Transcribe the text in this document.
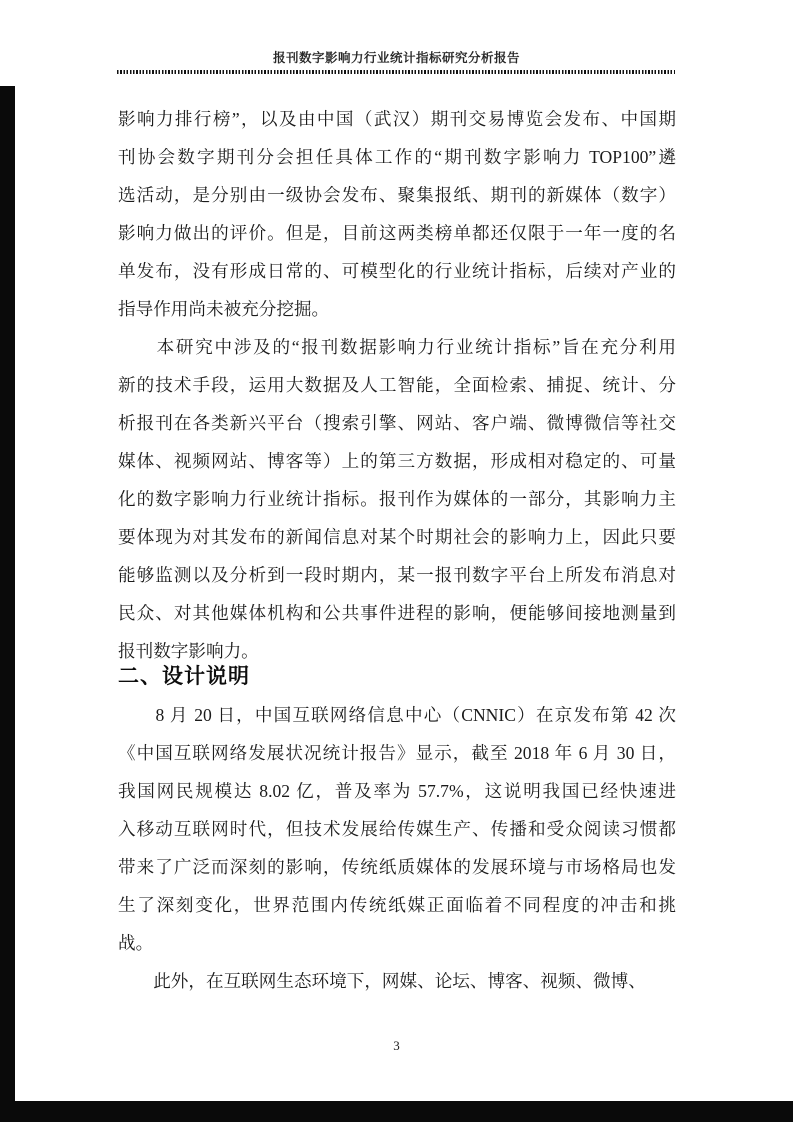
报刊数字影响力行业统计指标研究分析报告
影响力排行榜”，以及由中国（武汉）期刊交易博览会发布、中国期
刊协会数字期刊分会担任具体工作的“期刊数字影响力 TOP100”遴
选活动，是分别由一级协会发布、聚集报纸、期刊的新媒体（数字）
影响力做出的评价。但是，目前这两类榜单都还仅限于一年一度的名
单发布，没有形成日常的、可模型化的行业统计指标，后续对产业的
指导作用尚未被充分挖掘。
　　本研究中涉及的“报刊数据影响力行业统计指标”旨在充分利用
新的技术手段，运用大数据及人工智能，全面检索、捕捉、统计、分
析报刊在各类新兴平台（搜索引擎、网站、客户端、微博微信等社交
媒体、视频网站、博客等）上的第三方数据，形成相对稳定的、可量
化的数字影响力行业统计指标。报刊作为媒体的一部分，其影响力主
要体现为对其发布的新闻信息对某个时期社会的影响力上，因此只要
能够监测以及分析到一段时期内，某一报刊数字平台上所发布消息对
民众、对其他媒体机构和公共事件进程的影响，便能够间接地测量到
报刊数字影响力。
二、设计说明
　　8 月 20 日，中国互联网络信息中心（CNNIC）在京发布第 42 次
《中国互联网络发展状况统计报告》显示，截至 2018 年 6 月 30 日，
我国网民规模达 8.02 亿，普及率为 57.7%，这说明我国已经快速进
入移动互联网时代，但技术发展给传媒生产、传播和受众阅读习惯都
带来了广泛而深刻的影响，传统纸质媒体的发展环境与市场格局也发
生了深刻变化，世界范围内传统纸媒正面临着不同程度的冲击和挑
战。
　　此外，在互联网生态环境下，网媒、论坛、博客、视频、微博、
3
